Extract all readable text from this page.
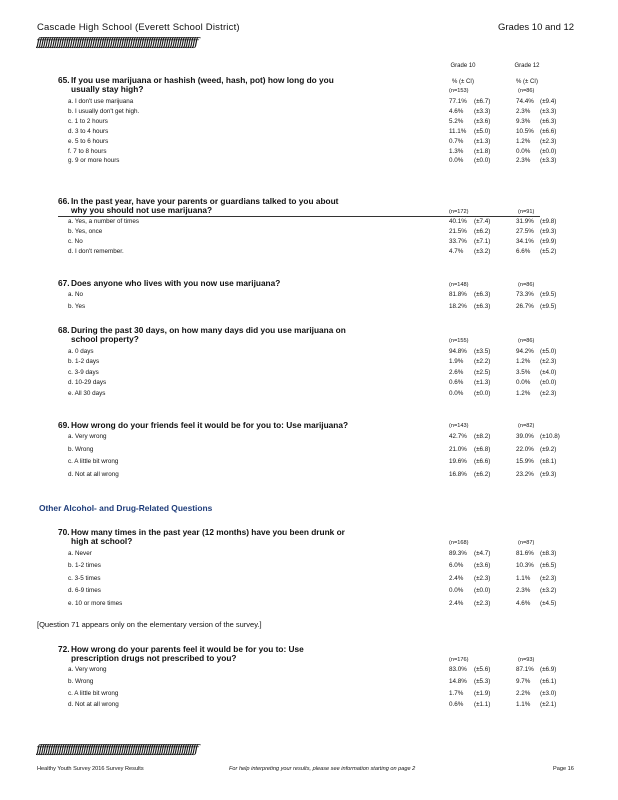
Cascade High School (Everett School District)	Grades 10 and 12
ƒƒƒƒƒƒƒƒƒƒƒƒƒƒƒƒƒƒƒƒƒƒƒƒƒƒƒƒƒƒƒƒƒƒƒƒƒƒƒƒƒƒƒƒƒƒƒƒƒƒƒƒƒƒƒƒƒƒƒƒƒƒƒƒƒƒƒƒƒƒƒƒ
Grade 10	Grade 12
% (± CI)	% (± CI)
65.If you use marijuana or hashish (weed, hash, pot) how long do you
usually stay high?	(n=153)	(n=86)
a. I don't use marijuana	77.1% (±6.7)	74.4% (±9.4)
b. I usually don't get high.	4.6% (±3.3)	2.3% (±3.3)
c. 1 to 2 hours	5.2% (±3.6)	9.3% (±6.3)
d. 3 to 4 hours	11.1% (±5.0)	10.5% (±6.6)
e. 5 to 6 hours	0.7% (±1.3)	1.2% (±2.3)
f. 7 to 8 hours	1.3% (±1.8)	0.0% (±0.0)
g. 9 or more hours	0.0% (±0.0)	2.3% (±3.3)
66.In the past year, have your parents or guardians talked to you about
why you should not use marijuana?	(n=172)	(n=91)
a. Yes, a number of times	40.1% (±7.4)	31.9% (±9.8)
b. Yes, once	21.5% (±6.2)	27.5% (±9.3)
c. No	33.7% (±7.1)	34.1% (±9.9)
d. I don't remember.	4.7% (±3.2)	6.6% (±5.2)
67.Does anyone who lives with you now use marijuana?	(n=148)	(n=86)
a. No	81.8% (±6.3)	73.3% (±9.5)
b. Yes	18.2% (±6.3)	26.7% (±9.5)
68.During the past 30 days, on how many days did you use marijuana on
school property?	(n=155)	(n=86)
a. 0 days	94.8% (±3.5)	94.2% (±5.0)
b. 1-2 days	1.9% (±2.2)	1.2% (±2.3)
c. 3-9 days	2.6% (±2.5)	3.5% (±4.0)
d. 10-29 days	0.6% (±1.3)	0.0% (±0.0)
e. All 30 days	0.0% (±0.0)	1.2% (±2.3)
69.How wrong do your friends feel it would be for you to: Use marijuana?	(n=143)	(n=82)
a. Very wrong	42.7% (±8.2)	39.0% (±10.8)
b. Wrong	21.0% (±6.8)	22.0% (±9.2)
c. A little bit wrong	19.6% (±6.6)	15.9% (±8.1)
d. Not at all wrong	16.8% (±6.2)	23.2% (±9.3)
70.How many times in the past year (12 months) have you been drunk or
high at school?	(n=168)	(n=87)
a. Never	89.3% (±4.7)	81.6% (±8.3)
b. 1-2 times	6.0% (±3.6)	10.3% (±6.5)
c. 3-5 times	2.4% (±2.3)	1.1% (±2.3)
d. 6-9 times	0.0% (±0.0)	2.3% (±3.2)
e. 10 or more times	2.4% (±2.3)	4.6% (±4.5)
72.How wrong do your parents feel it would be for you to: Use
prescription drugs not prescribed to you?	(n=176)	(n=93)
a. Very wrong	83.0% (±5.6)	87.1% (±6.9)
b. Wrong	14.8% (±5.3)	9.7% (±6.1)
c. A little bit wrong	1.7% (±1.9)	2.2% (±3.0)
d. Not at all wrong	0.6% (±1.1)	1.1% (±2.1)
Other Alcohol- and Drug-Related Questions
[Question 71 appears only on the elementary version of the survey.]
ƒƒƒƒƒƒƒƒƒƒƒƒƒƒƒƒƒƒƒƒƒƒƒƒƒƒƒƒƒƒƒƒƒƒƒƒƒƒƒƒƒƒƒƒƒƒƒƒƒƒƒƒƒƒƒƒƒƒƒƒƒƒƒƒƒƒƒƒƒƒƒƒ
Healthy Youth Survey 2016 Survey Results	For help interpreting your results, please see information starting on page 2	Page 16
